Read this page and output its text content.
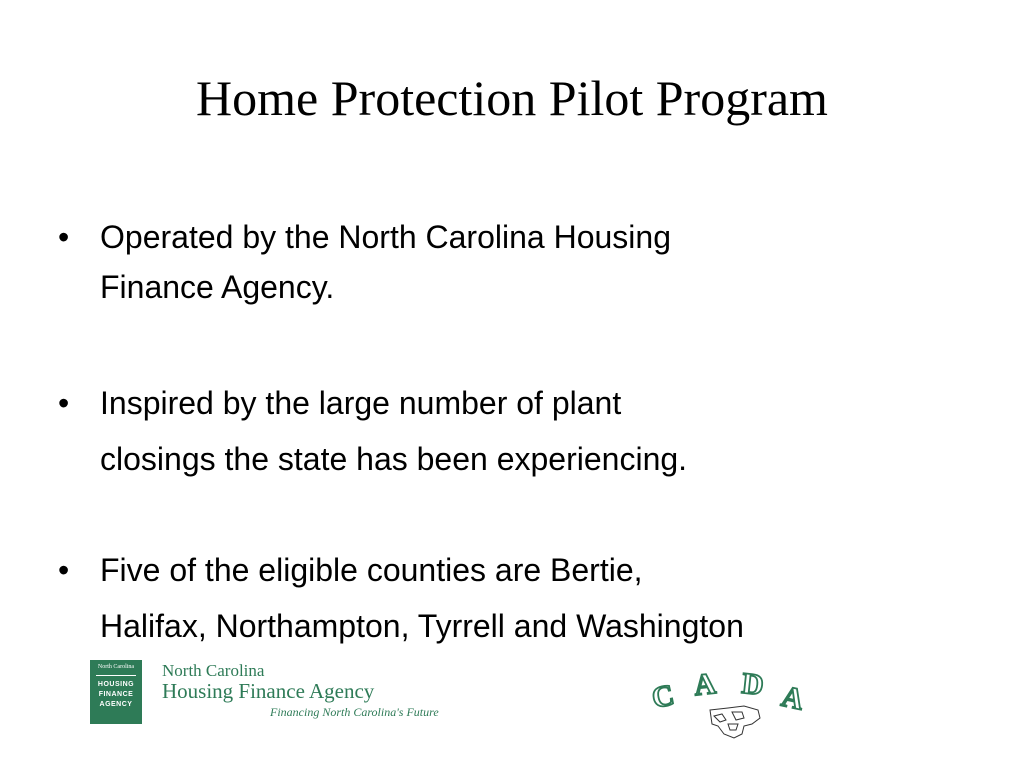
Home Protection Pilot Program
• Operated by the North Carolina Housing
Finance Agency.
• Inspired by the large number of plant
closings the state has been experiencing.
• Five of the eligible counties are Bertie,
Halifax, Northampton, Tyrrell and Washington
North Carolina
HOUSING
FINANCE
AGENCY
North Carolina
Housing Finance Agency
Financing North Carolina's Future	C A D A
